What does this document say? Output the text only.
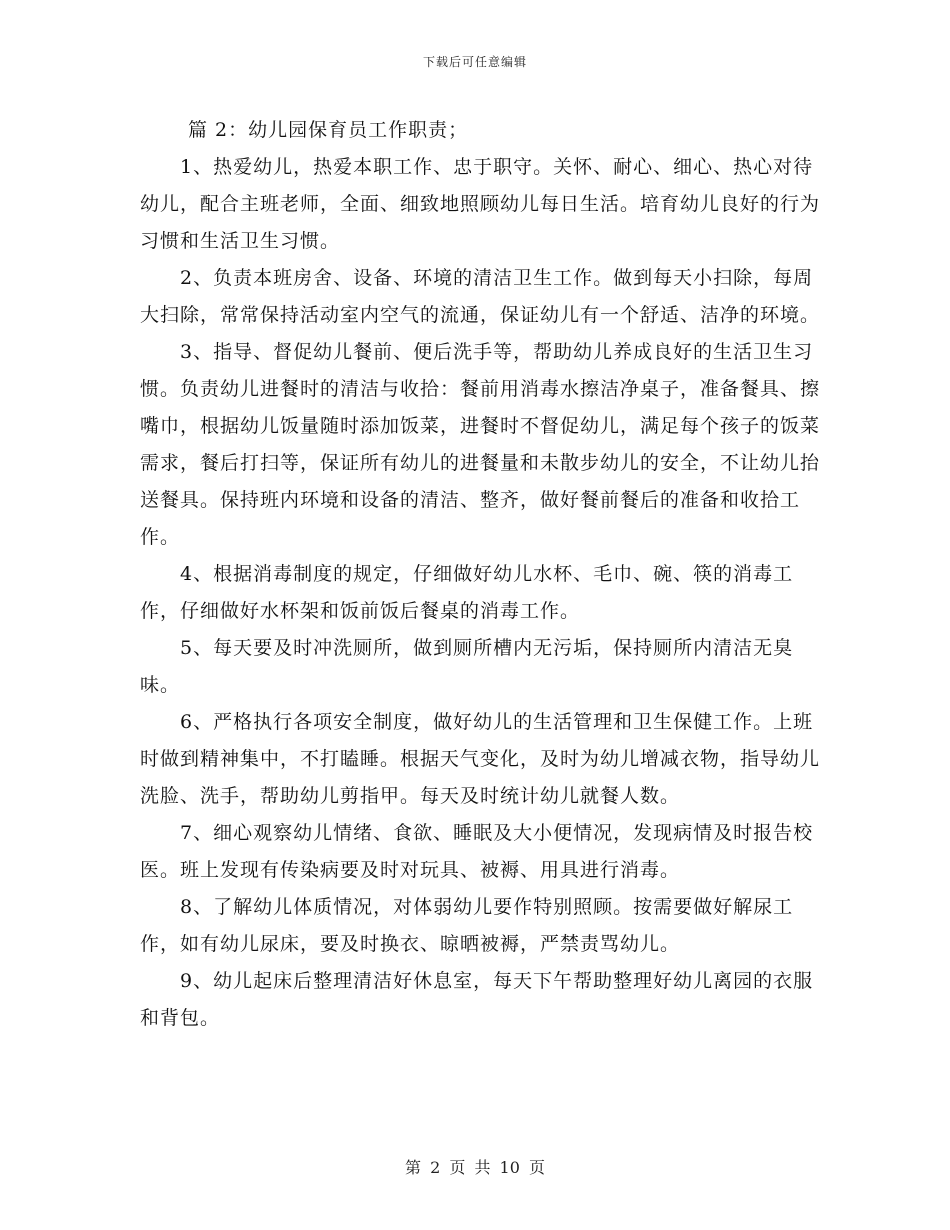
下载后可任意编辑
篇 2：幼儿园保育员工作职责；

1、热爱幼儿，热爱本职工作、忠于职守。关怀、耐心、细心、热心对待幼儿，配合主班老师，全面、细致地照顾幼儿每日生活。培育幼儿良好的行为习惯和生活卫生习惯。

2、负责本班房舍、设备、环境的清洁卫生工作。做到每天小扫除，每周大扫除，常常保持活动室内空气的流通，保证幼儿有一个舒适、洁净的环境。

3、指导、督促幼儿餐前、便后洗手等，帮助幼儿养成良好的生活卫生习惯。负责幼儿进餐时的清洁与收拾：餐前用消毒水擦洁净桌子，准备餐具、擦嘴巾，根据幼儿饭量随时添加饭菜，进餐时不督促幼儿，满足每个孩子的饭菜需求，餐后打扫等，保证所有幼儿的进餐量和未散步幼儿的安全，不让幼儿抬送餐具。保持班内环境和设备的清洁、整齐，做好餐前餐后的准备和收拾工作。

4、根据消毒制度的规定，仔细做好幼儿水杯、毛巾、碗、筷的消毒工作，仔细做好水杯架和饭前饭后餐桌的消毒工作。

5、每天要及时冲洗厕所，做到厕所槽内无污垢，保持厕所内清洁无臭味。

6、严格执行各项安全制度，做好幼儿的生活管理和卫生保健工作。上班时做到精神集中，不打瞌睡。根据天气变化，及时为幼儿增减衣物，指导幼儿洗脸、洗手，帮助幼儿剪指甲。每天及时统计幼儿就餐人数。

7、细心观察幼儿情绪、食欲、睡眠及大小便情况，发现病情及时报告校医。班上发现有传染病要及时对玩具、被褥、用具进行消毒。

8、了解幼儿体质情况，对体弱幼儿要作特别照顾。按需要做好解尿工作，如有幼儿尿床，要及时换衣、晾晒被褥，严禁责骂幼儿。

9、幼儿起床后整理清洁好休息室，每天下午帮助整理好幼儿离园的衣服和背包。

第 2 页 共 10 页
